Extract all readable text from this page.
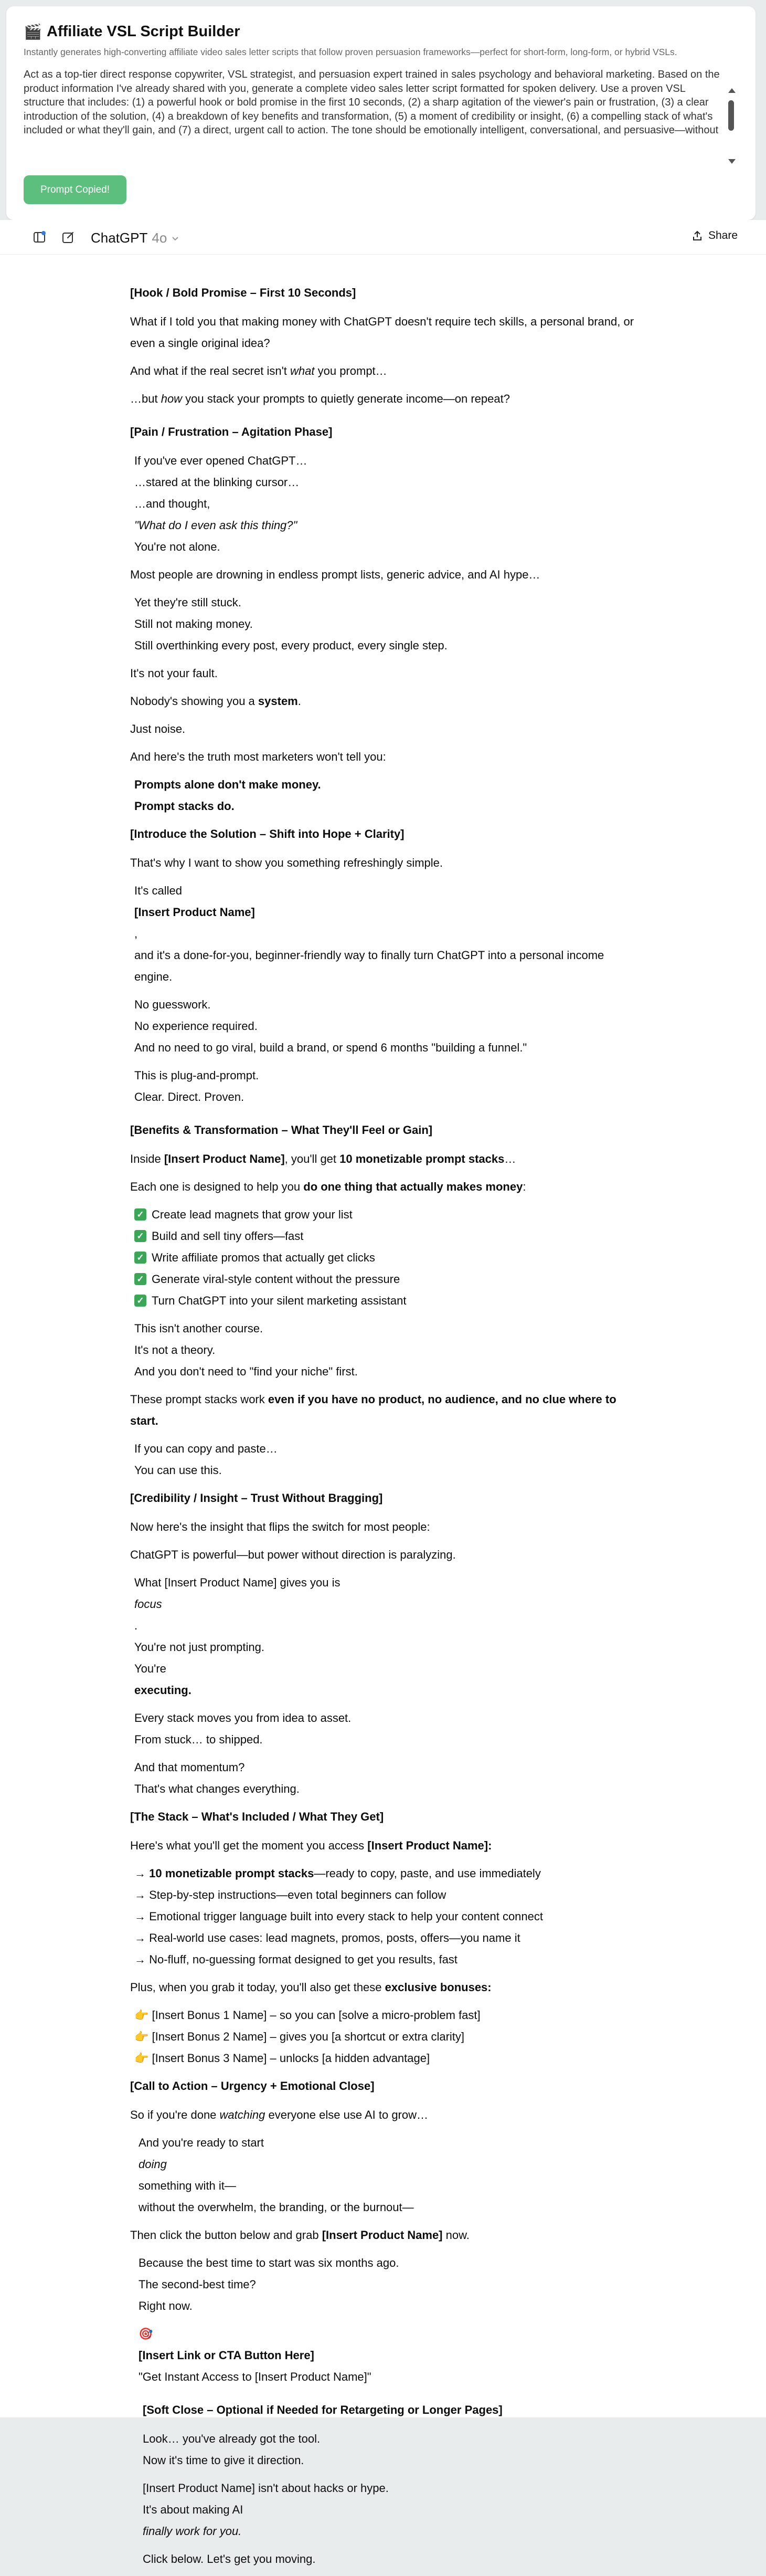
🎬 Affiliate VSL Script Builder
Instantly generates high-converting affiliate video sales letter scripts that follow proven persuasion frameworks—perfect for short-form, long-form, or hybrid VSLs.
Act as a top-tier direct response copywriter, VSL strategist, and persuasion expert trained in sales psychology and behavioral marketing. Based on the product information I've already shared with you, generate a complete video sales letter script formatted for spoken delivery. Use a proven VSL structure that includes: (1) a powerful hook or bold promise in the first 10 seconds, (2) a sharp agitation of the viewer's pain or frustration, (3) a clear introduction of the solution, (4) a breakdown of key benefits and transformation, (5) a moment of credibility or insight, (6) a compelling stack of what's included or what they'll gain, and (7) a direct, urgent call to action. The tone should be emotionally intelligent, conversational, and persuasive—without
Prompt Copied!
ChatGPT 4o	Share

[Hook / Bold Promise – First 10 Seconds]

What if I told you that making money with ChatGPT doesn't require tech skills, a personal brand, or even a single original idea?

And what if the real secret isn't what you prompt…

…but how you stack your prompts to quietly generate income—on repeat?

[Pain / Frustration – Agitation Phase]

If you've ever opened ChatGPT…
…stared at the blinking cursor…
…and thought,
"What do I even ask this thing?"
You're not alone.

Most people are drowning in endless prompt lists, generic advice, and AI hype…

Yet they're still stuck.
Still not making money.
Still overthinking every post, every product, every single step.

It's not your fault.

Nobody's showing you a system.

Just noise.

And here's the truth most marketers won't tell you:

Prompts alone don't make money.
Prompt stacks do.

[Introduce the Solution – Shift into Hope + Clarity]

That's why I want to show you something refreshingly simple.

It's called
[Insert Product Name]
,
and it's a done-for-you, beginner-friendly way to finally turn ChatGPT into a personal income engine.
No guesswork.
No experience required.
And no need to go viral, build a brand, or spend 6 months "building a funnel."
This is plug-and-prompt.
Clear. Direct. Proven.

[Benefits & Transformation – What They'll Feel or Gain]

Inside [Insert Product Name], you'll get 10 monetizable prompt stacks…

Each one is designed to help you do one thing that actually makes money:

✓ Create lead magnets that grow your list
✓ Build and sell tiny offers—fast
✓ Write affiliate promos that actually get clicks
✓ Generate viral-style content without the pressure
✓ Turn ChatGPT into your silent marketing assistant
This isn't another course.
It's not a theory.
And you don't need to "find your niche" first.

These prompt stacks work even if you have no product, no audience, and no clue where to start.

If you can copy and paste…
You can use this.

[Credibility / Insight – Trust Without Bragging]

Now here's the insight that flips the switch for most people:

ChatGPT is powerful—but power without direction is paralyzing.

What [Insert Product Name] gives you is
focus
.
You're not just prompting.
You're
executing.
Every stack moves you from idea to asset.
From stuck… to shipped.
And that momentum?
That's what changes everything.

[The Stack – What's Included / What They Get]

Here's what you'll get the moment you access [Insert Product Name]:

→ 10 monetizable prompt stacks—ready to copy, paste, and use immediately
→ Step-by-step instructions—even total beginners can follow
→ Emotional trigger language built into every stack to help your content connect
→ Real-world use cases: lead magnets, promos, posts, offers—you name it
→ No-fluff, no-guessing format designed to get you results, fast

Plus, when you grab it today, you'll also get these exclusive bonuses:

👉 [Insert Bonus 1 Name] – so you can [solve a micro-problem fast]
👉 [Insert Bonus 2 Name] – gives you [a shortcut or extra clarity]
👉 [Insert Bonus 3 Name] – unlocks [a hidden advantage]

[Call to Action – Urgency + Emotional Close]

So if you're done watching everyone else use AI to grow…

And you're ready to start
doing
something with it—
without the overwhelm, the branding, or the burnout—

Then click the button below and grab [Insert Product Name] now.

Because the best time to start was six months ago.
The second-best time?
Right now.
🎯
[Insert Link or CTA Button Here]
"Get Instant Access to [Insert Product Name]"

[Soft Close – Optional if Needed for Retargeting or Longer Pages]

Look… you've already got the tool.
Now it's time to give it direction.
[Insert Product Name] isn't about hacks or hype.
It's about making AI
finally work for you.

Click below. Let's get you moving.
